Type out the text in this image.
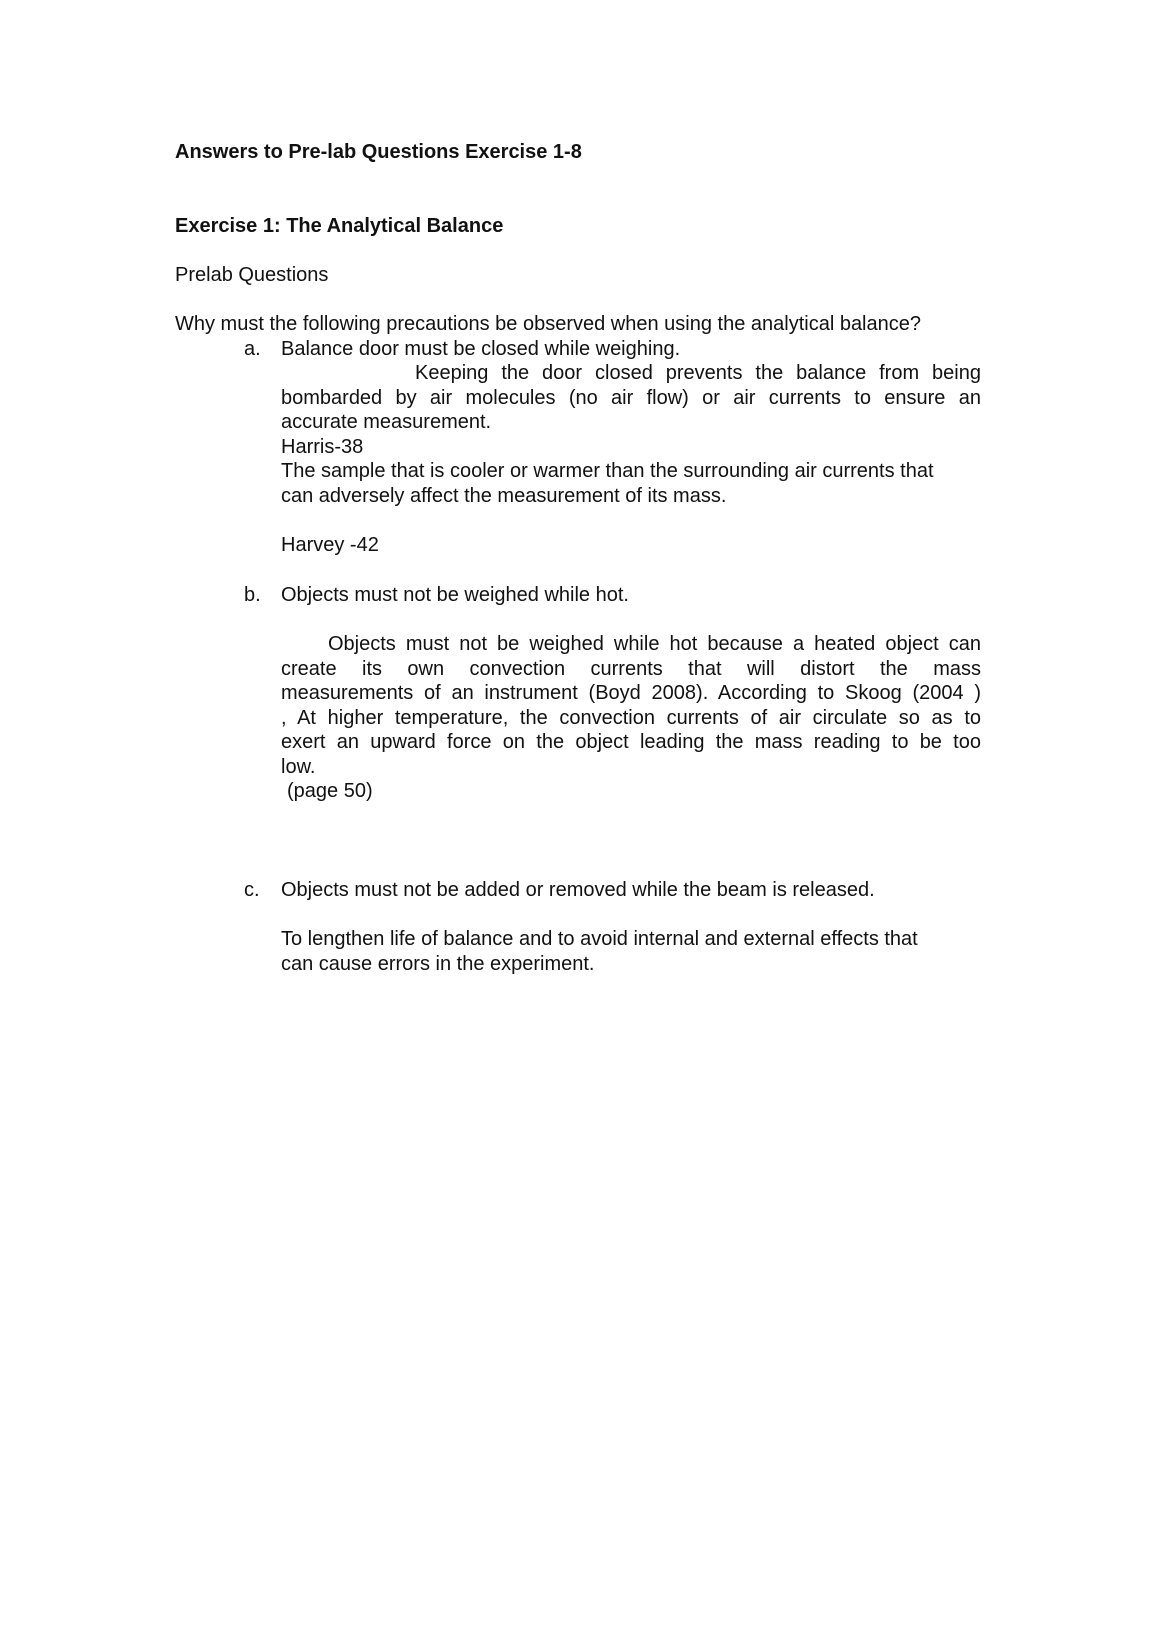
Answers to Pre-lab Questions Exercise 1-8
Exercise 1: The Analytical Balance
Prelab Questions
Why must the following precautions be observed when using the analytical balance?
a. Balance door must be closed while weighing.
Keeping the door closed prevents the balance from being
bombarded by air molecules (no air flow) or air currents to ensure an
accurate measurement.
Harris-38
The sample that is cooler or warmer than the surrounding air currents that
can adversely affect the measurement of its mass.
Harvey -42
b. Objects must not be weighed while hot.
Objects must not be weighed while hot because a heated object can
create its own convection currents that will distort the mass
measurements of an instrument (Boyd 2008). According to Skoog (2004 )
, At higher temperature, the convection currents of air circulate so as to
exert an upward force on the object leading the mass reading to be too
low.
(page 50)
c. Objects must not be added or removed while the beam is released.
To lengthen life of balance and to avoid internal and external effects that
can cause errors in the experiment.
